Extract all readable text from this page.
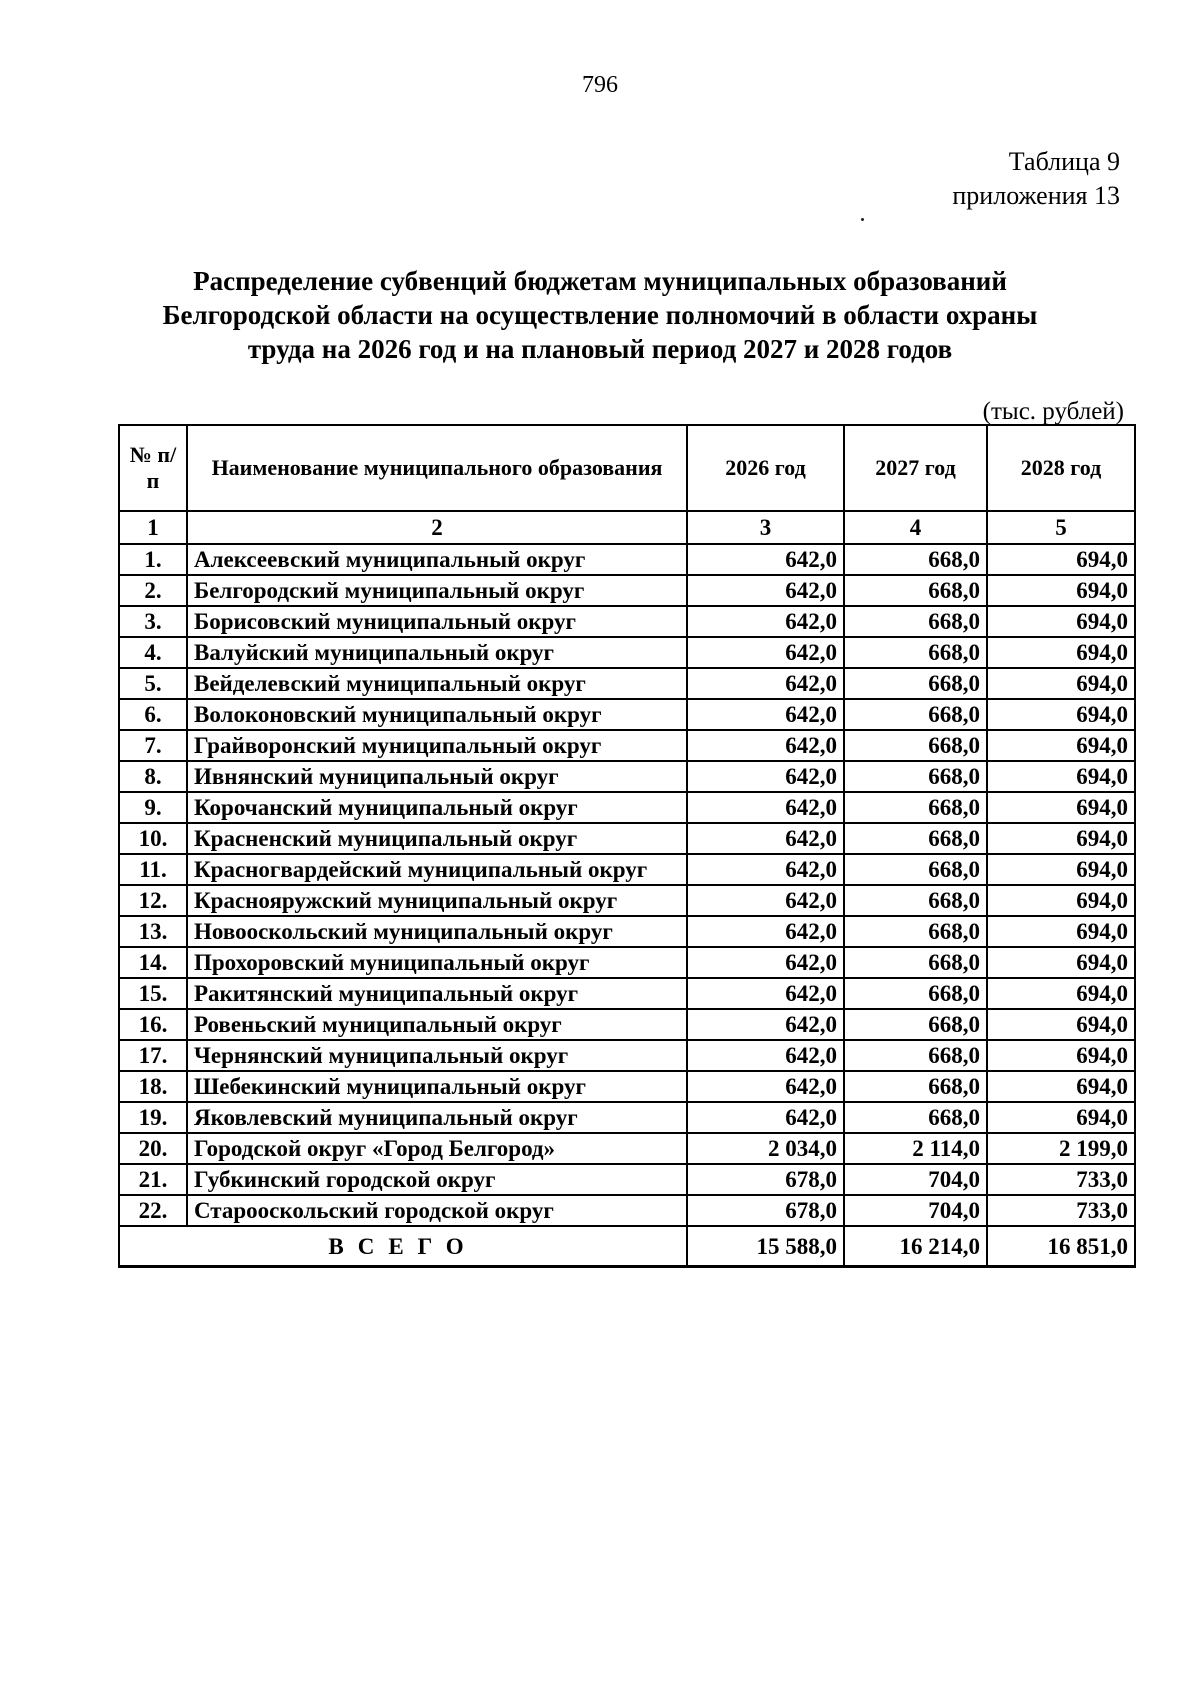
796
Таблица 9
приложения 13
Распределение субвенций бюджетам муниципальных образований Белгородской области на осуществление полномочий в области охраны труда на 2026 год и на плановый период 2027 и 2028 годов
(тыс. рублей)
№ п/п	Наименование муниципального образования	2026 год	2027 год	2028 год
1	2	3	4	5
1.	Алексеевский муниципальный округ	642,0	668,0	694,0
2.	Белгородский муниципальный округ	642,0	668,0	694,0
3.	Борисовский муниципальный округ	642,0	668,0	694,0
4.	Валуйский муниципальный округ	642,0	668,0	694,0
5.	Вейделевский муниципальный округ	642,0	668,0	694,0
6.	Волоконовский муниципальный округ	642,0	668,0	694,0
7.	Грайворонский муниципальный округ	642,0	668,0	694,0
8.	Ивнянский муниципальный округ	642,0	668,0	694,0
9.	Корочанский муниципальный округ	642,0	668,0	694,0
10.	Красненский муниципальный округ	642,0	668,0	694,0
11.	Красногвардейский муниципальный округ	642,0	668,0	694,0
12.	Краснояружский муниципальный округ	642,0	668,0	694,0
13.	Новооскольский муниципальный округ	642,0	668,0	694,0
14.	Прохоровский муниципальный округ	642,0	668,0	694,0
15.	Ракитянский муниципальный округ	642,0	668,0	694,0
16.	Ровеньский муниципальный округ	642,0	668,0	694,0
17.	Чернянский муниципальный округ	642,0	668,0	694,0
18.	Шебекинский муниципальный округ	642,0	668,0	694,0
19.	Яковлевский муниципальный округ	642,0	668,0	694,0
20.	Городской округ «Город Белгород»	2 034,0	2 114,0	2 199,0
21.	Губкинский городской округ	678,0	704,0	733,0
22.	Старооскольский городской округ	678,0	704,0	733,0
ВСЕГО		15 588,0	16 214,0	16 851,0
